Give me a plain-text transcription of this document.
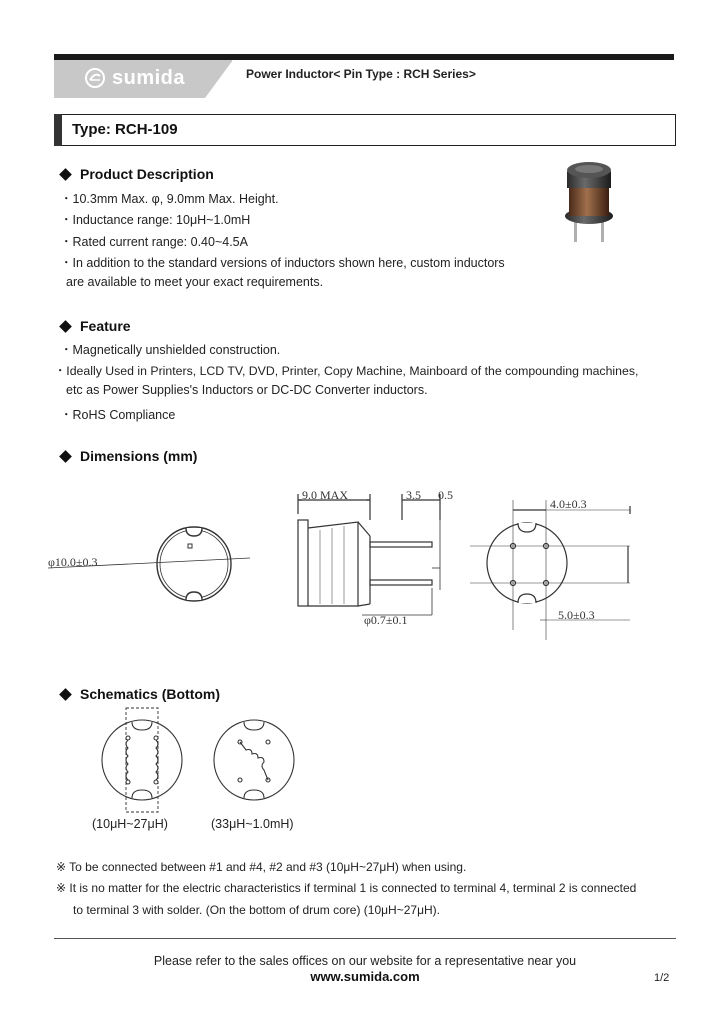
sumida	Power Inductor< Pin Type : RCH Series>
Type: RCH-109
Product Description
・10.3mm Max. φ, 9.0mm Max. Height.
・Inductance range: 10μH~1.0mH
・Rated current range: 0.40~4.5A
・In addition to the standard versions of inductors shown here, custom inductors
are available to meet your exact requirements.
Feature
・Magnetically unshielded construction.
・Ideally Used in Printers, LCD TV, DVD, Printer, Copy Machine, Mainboard of the compounding machines,
etc as Power Supplies's Inductors or DC-DC Converter inductors.
・RoHS Compliance
Dimensions (mm)
φ10.0±0.3
9.0 MAX	3.5 0.5
φ0.7±0.1
4.0±0.3
5.0±0.3
Schematics (Bottom)
(10μH~27μH)	(33μH~1.0mH)
※ To be connected between #1 and #4, #2 and #3 (10μH~27μH) when using.
※ It is no matter for the electric characteristics if terminal 1 is connected to terminal 4, terminal 2 is connected
to terminal 3 with solder. (On the bottom of drum core) (10μH~27μH).
Please refer to the sales offices on our website for a representative near you
www.sumida.com	1/2
